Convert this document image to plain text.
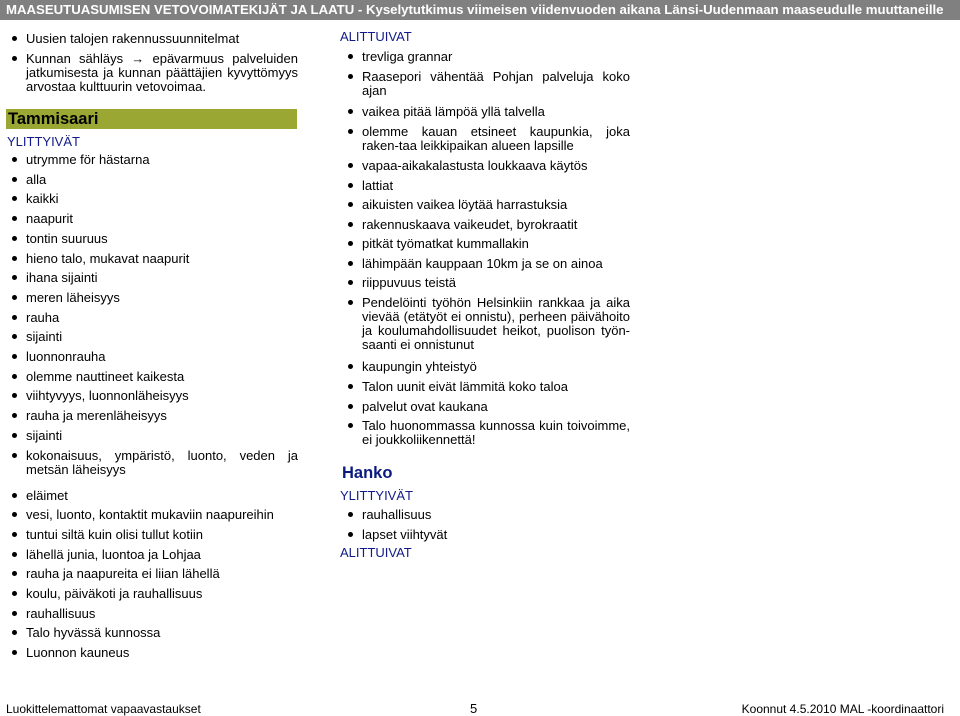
MAASEUTUASUMISEN VETOVOIMATEKIJÄT JA LAATU - Kyselytutkimus viimeisen viidenvuoden aikana Länsi-Uudenmaan maaseudulle muuttaneille
Uusien talojen rakennussuunnitelmat
Kunnan sähläys → epävarmuus palveluiden jatkumisesta ja kunnan päättäjien kyvyttömyys arvostaa kulttuurin vetovoimaa.
Tammisaari
YLITTYIVÄT
utrymme för hästarna
alla
kaikki
naapurit
tontin suuruus
hieno talo, mukavat naapurit
ihana sijainti
meren läheisyys
rauha
sijainti
luonnonrauha
olemme nauttineet kaikesta
viihtyvyys, luonnonläheisyys
rauha ja merenläheisyys
sijainti
kokonaisuus, ympäristö, luonto, veden ja metsän läheisyys
eläimet
vesi, luonto, kontaktit mukaviin naapureihin
tuntui siltä kuin olisi tullut kotiin
lähellä junia, luontoa ja Lohjaa
rauha ja naapureita ei liian lähellä
koulu, päiväkoti ja rauhallisuus
rauhallisuus
Talo hyvässä kunnossa
Luonnon kauneus
ALITTUIVAT
trevliga grannar
Raasepori vähentää Pohjan palveluja koko ajan
vaikea pitää lämpöä yllä talvella
olemme kauan etsineet kaupunkia, joka raken-taa leikkipaikan alueen lapsille
vapaa-aikakalastusta loukkaava käytös
lattiat
aikuisten vaikea löytää harrastuksia
rakennuskaava vaikeudet, byrokraatit
pitkät työmatkat kummallakin
lähimpään kauppaan 10km ja se on ainoa
riippuvuus teistä
Pendelöinti työhön Helsinkiin rankkaa ja aika vievää (etätyöt ei onnistu), perheen päivähoito ja koulumahdollisuudet heikot, puolison työn-saanti ei onnistunut
kaupungin yhteistyö
Talon uunit eivät lämmitä koko taloa
palvelut ovat kaukana
Talo huonommassa kunnossa kuin toivoimme, ei joukkoliikennettä!
Hanko
YLITTYIVÄT
rauhallisuus
lapset viihtyvät
ALITTUIVAT
Luokittelemattomat vapaavastaukset	5	Koonnut 4.5.2010 MAL -koordinaattori
